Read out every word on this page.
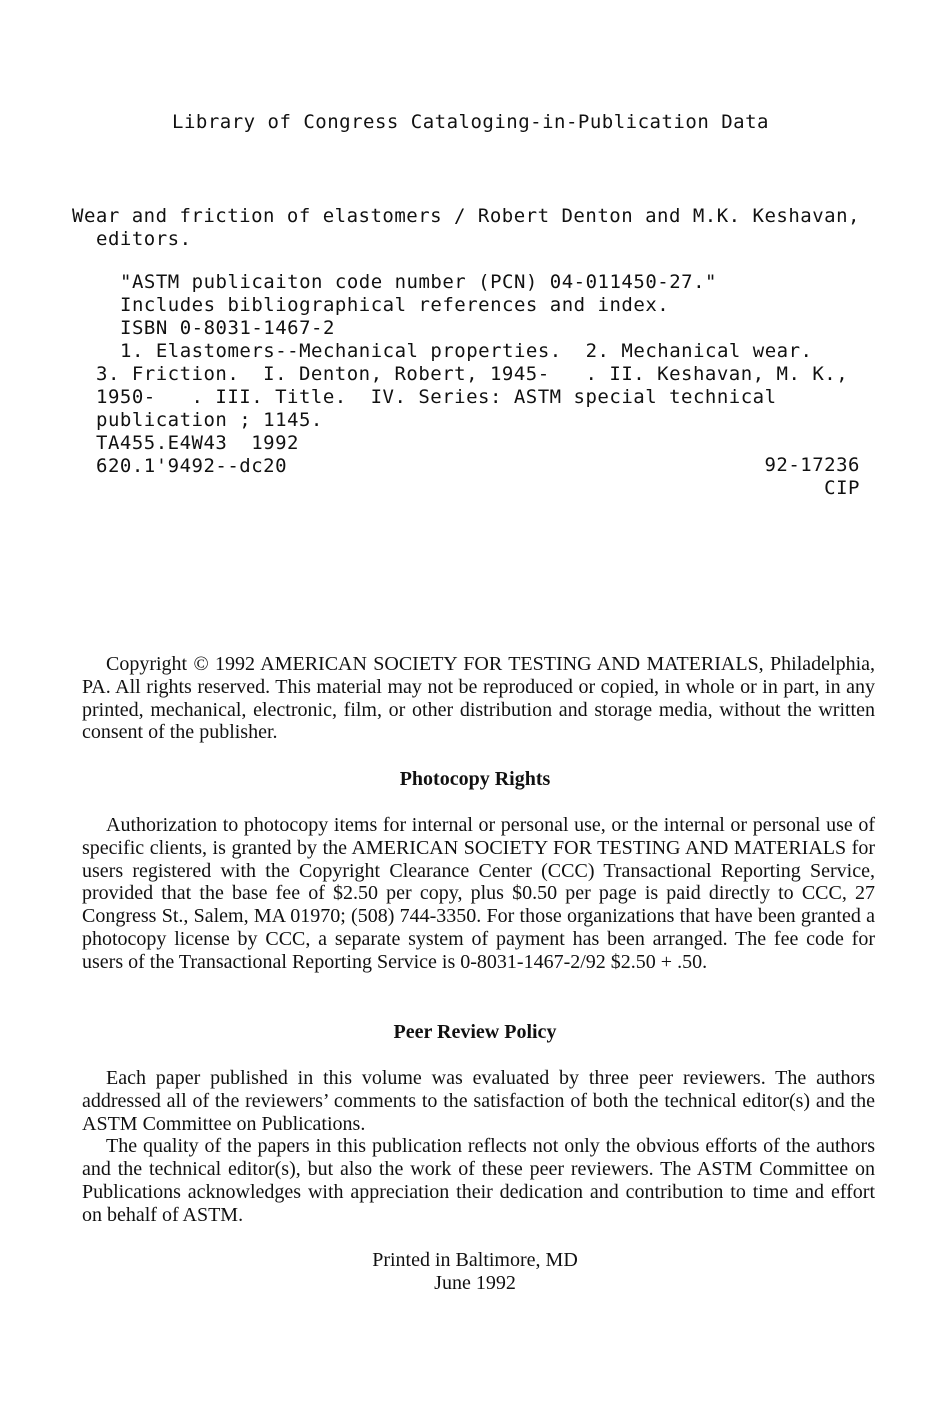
Library of Congress Cataloging-in-Publication Data
Wear and friction of elastomers / Robert Denton and M.K. Keshavan,
editors.
"ASTM publicaiton code number (PCN) 04-011450-27."
Includes bibliographical references and index.
ISBN 0-8031-1467-2
1. Elastomers--Mechanical properties.  2. Mechanical wear.
3. Friction.  I. Denton, Robert, 1945-   . II. Keshavan, M. K.,
1950-   . III. Title.  IV. Series: ASTM special technical
publication ; 1145.
TA455.E4W43  1992
620.1'9492--dc20	92-17236
CIP
Copyright © 1992 AMERICAN SOCIETY FOR TESTING AND MATERIALS, Philadelphia, PA. All rights reserved. This material may not be reproduced or copied, in whole or in part, in any printed, mechanical, electronic, film, or other distribution and storage media, without the written consent of the publisher.
Photocopy Rights
Authorization to photocopy items for internal or personal use, or the internal or personal use of specific clients, is granted by the AMERICAN SOCIETY FOR TESTING AND MATERIALS for users registered with the Copyright Clearance Center (CCC) Transactional Reporting Service, provided that the base fee of $2.50 per copy, plus $0.50 per page is paid directly to CCC, 27 Congress St., Salem, MA 01970; (508) 744-3350. For those organizations that have been granted a photocopy license by CCC, a separate system of payment has been arranged. The fee code for users of the Transactional Reporting Service is 0-8031-1467-2/92 $2.50 + .50.
Peer Review Policy

Each paper published in this volume was evaluated by three peer reviewers. The authors addressed all of the reviewers’ comments to the satisfaction of both the technical editor(s) and the ASTM Committee on Publications.

The quality of the papers in this publication reflects not only the obvious efforts of the authors and the technical editor(s), but also the work of these peer reviewers. The ASTM Committee on Publications acknowledges with appreciation their dedication and contribution to time and effort on behalf of ASTM.

Printed in Baltimore, MD
June 1992
